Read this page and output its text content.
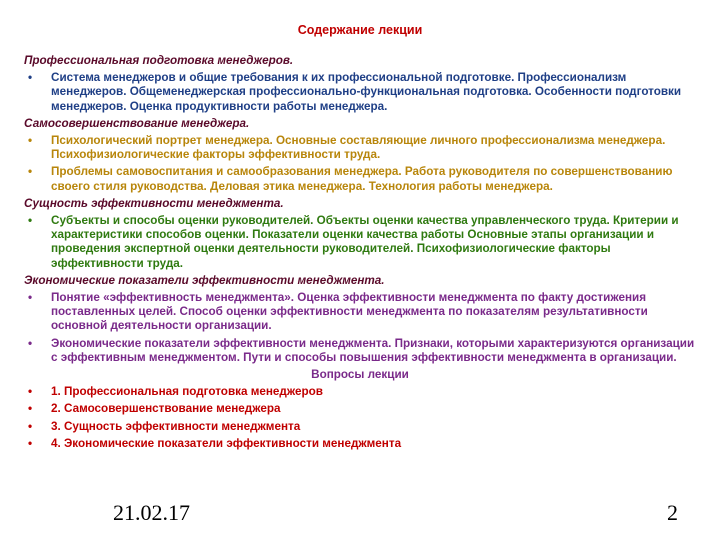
Содержание лекции
Профессиональная подготовка менеджеров.
• Система менеджеров и общие требования к их профессиональной подготовке. Профессионализм менеджеров. Общеменеджерская профессионально-функциональная подготовка. Особенности подготовки менеджеров. Оценка продуктивности работы менеджера.
Самосовершенствование менеджера.
• Психологический портрет менеджера. Основные составляющие личного профессионализма менеджера. Психофизиологические факторы эффективности труда.
• Проблемы самовоспитания и самообразования менеджера. Работа руководителя по совершенствованию своего стиля руководства. Деловая этика менеджера. Технология работы менеджера.
Сущность эффективности менеджмента.
• Субъекты и способы оценки руководителей. Объекты оценки качества управленческого труда. Критерии и характеристики способов оценки. Показатели оценки качества работы Основные этапы организации и проведения экспертной оценки деятельности руководителей. Психофизиологические факторы эффективности труда.
Экономические показатели эффективности менеджмента.
• Понятие «эффективность менеджмента». Оценка эффективности менеджмента по факту достижения поставленных целей. Способ оценки эффективности менеджмента по показателям результативности основной деятельности организации.
• Экономические показатели эффективности менеджмента. Признаки, которыми характеризуются организации с эффективным менеджментом. Пути и способы повышения эффективности менеджмента в организации.
Вопросы лекции
• 1. Профессиональная подготовка менеджеров
• 2. Самосовершенствование менеджера
• 3. Сущность эффективности менеджмента
• 4. Экономические показатели эффективности менеджмента
21.02.17	2
